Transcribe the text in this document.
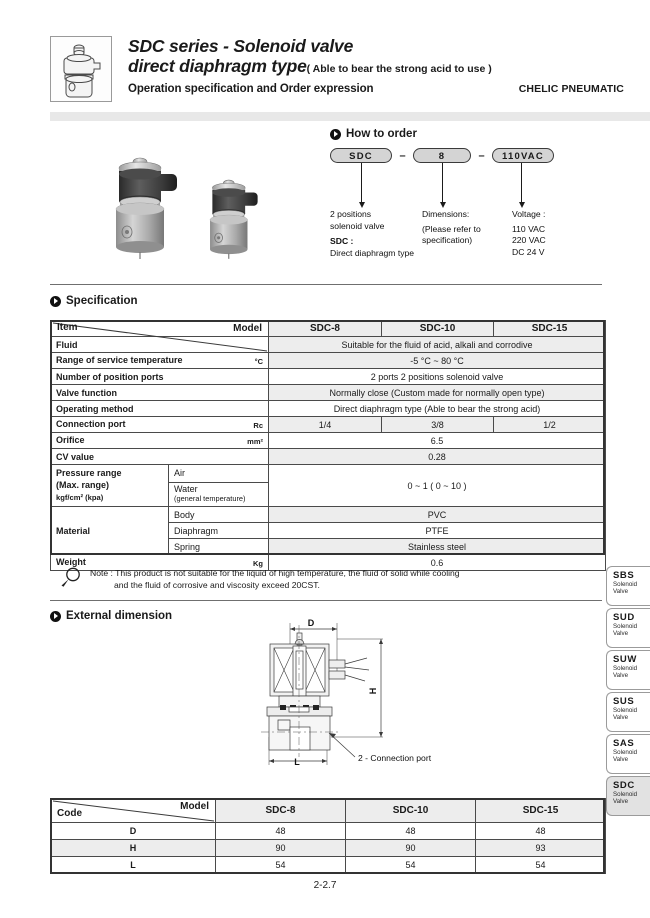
SDC series - Solenoid valve
direct diaphragm type( Able to bear the strong acid to use )
Operation specification and Order expression	CHELIC PNEUMATIC
How to order
SDC	–	8	–	110VAC
2 positions
solenoid valve
SDC :
Direct diaphragm type
Dimensions:
(Please refer to
specification)
Voltage :
110 VAC
220 VAC
DC 24 V
Specification
Model
Item		SDC-8	SDC-10	SDC-15
Fluid		Suitable for the fluid of acid, alkali and corrodive		
Range of service temperature °C		-5 °C ~ 80 °C		
Number of position ports		2 ports 2 positions solenoid valve		
Valve function		Normally close (Custom made for normally open type)		
Operating method		Direct diaphragm type (Able to bear the strong acid)		
Connection port Rc		1/4	3/8	1/2
Orifice mm²		6.5		
CV value		0.28		
Pressure range
(Max. range)
kgf/cm² (kpa)	Air	0 ~ 1 ( 0 ~ 10 )		
	Water
(general temperature)			
Material	Body	PVC		
	Diaphragm	PTFE		
	Spring	Stainless steel		
Weight Kg		0.6		
Note : This product is not suitable for the liquid of high temperature, the fluid of solid while cooling
and the fluid of corrosive and viscosity exceed 20CST.
External dimension
D
H
L	2 - Connection port
Model
Code	SDC-8	SDC-10	SDC-15
D	48	48	48
H	90	90	93
L	54	54	54
SBS
Solenoid
Valve
SUD
Solenoid
Valve
SUW
Solenoid
Valve
SUS
Solenoid
Valve
SAS
Solenoid
Valve
SDC
Solenoid
Valve
2-2.7
